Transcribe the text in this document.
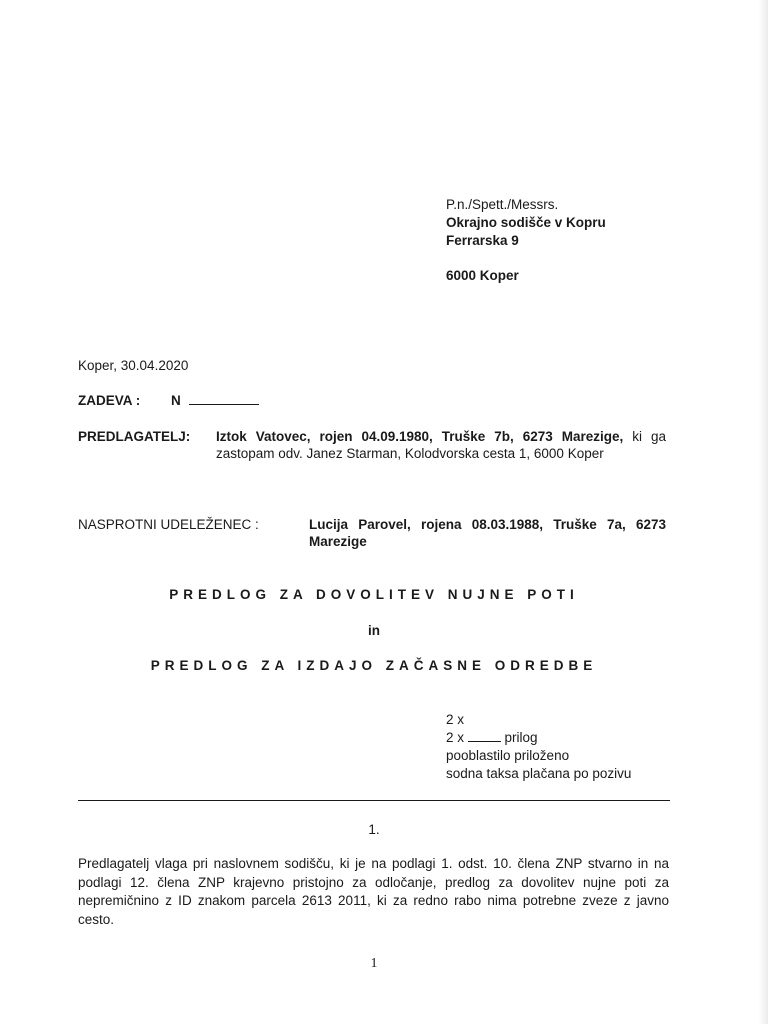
P.n./Spett./Messrs.
Okrajno sodišče v Kopru
Ferrarska 9
6000 Koper
Koper, 30.04.2020
ZADEVA : N
PREDLAGATELJ: Iztok Vatovec, rojen 04.09.1980, Truške 7b, 6273 Marezige, ki ga
zastopam odv. Janez Starman, Kolodvorska cesta 1, 6000 Koper
NASPROTNI UDELEŽENEC :	Lucija Parovel, rojena 08.03.1988, Truške 7a, 6273
Marezige
PREDLOG ZA DOVOLITEV NUJNE POTI
in
PREDLOG ZA IZDAJO ZAČASNE ODREDBE
2 x
2 x	prilog
pooblastilo priloženo
sodna taksa plačana po pozivu
1.
Predlagatelj vlaga pri naslovnem sodišču, ki je na podlagi 1. odst. 10. člena ZNP stvarno in na
podlagi 12. člena ZNP krajevno pristojno za odločanje, predlog za dovolitev nujne poti za
nepremičnino z ID znakom parcela 2613 2011, ki za redno rabo nima potrebne zveze z javno
cesto.
1
